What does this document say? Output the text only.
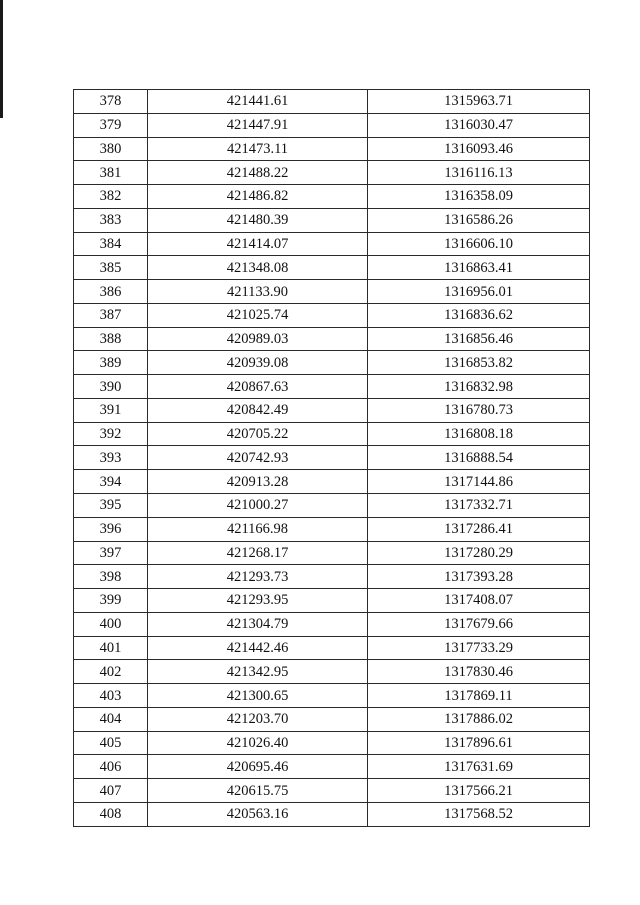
378	421441.61	1315963.71
379	421447.91	1316030.47
380	421473.11	1316093.46
381	421488.22	1316116.13
382	421486.82	1316358.09
383	421480.39	1316586.26
384	421414.07	1316606.10
385	421348.08	1316863.41
386	421133.90	1316956.01
387	421025.74	1316836.62
388	420989.03	1316856.46
389	420939.08	1316853.82
390	420867.63	1316832.98
391	420842.49	1316780.73
392	420705.22	1316808.18
393	420742.93	1316888.54
394	420913.28	1317144.86
395	421000.27	1317332.71
396	421166.98	1317286.41
397	421268.17	1317280.29
398	421293.73	1317393.28
399	421293.95	1317408.07
400	421304.79	1317679.66
401	421442.46	1317733.29
402	421342.95	1317830.46
403	421300.65	1317869.11
404	421203.70	1317886.02
405	421026.40	1317896.61
406	420695.46	1317631.69
407	420615.75	1317566.21
408	420563.16	1317568.52
